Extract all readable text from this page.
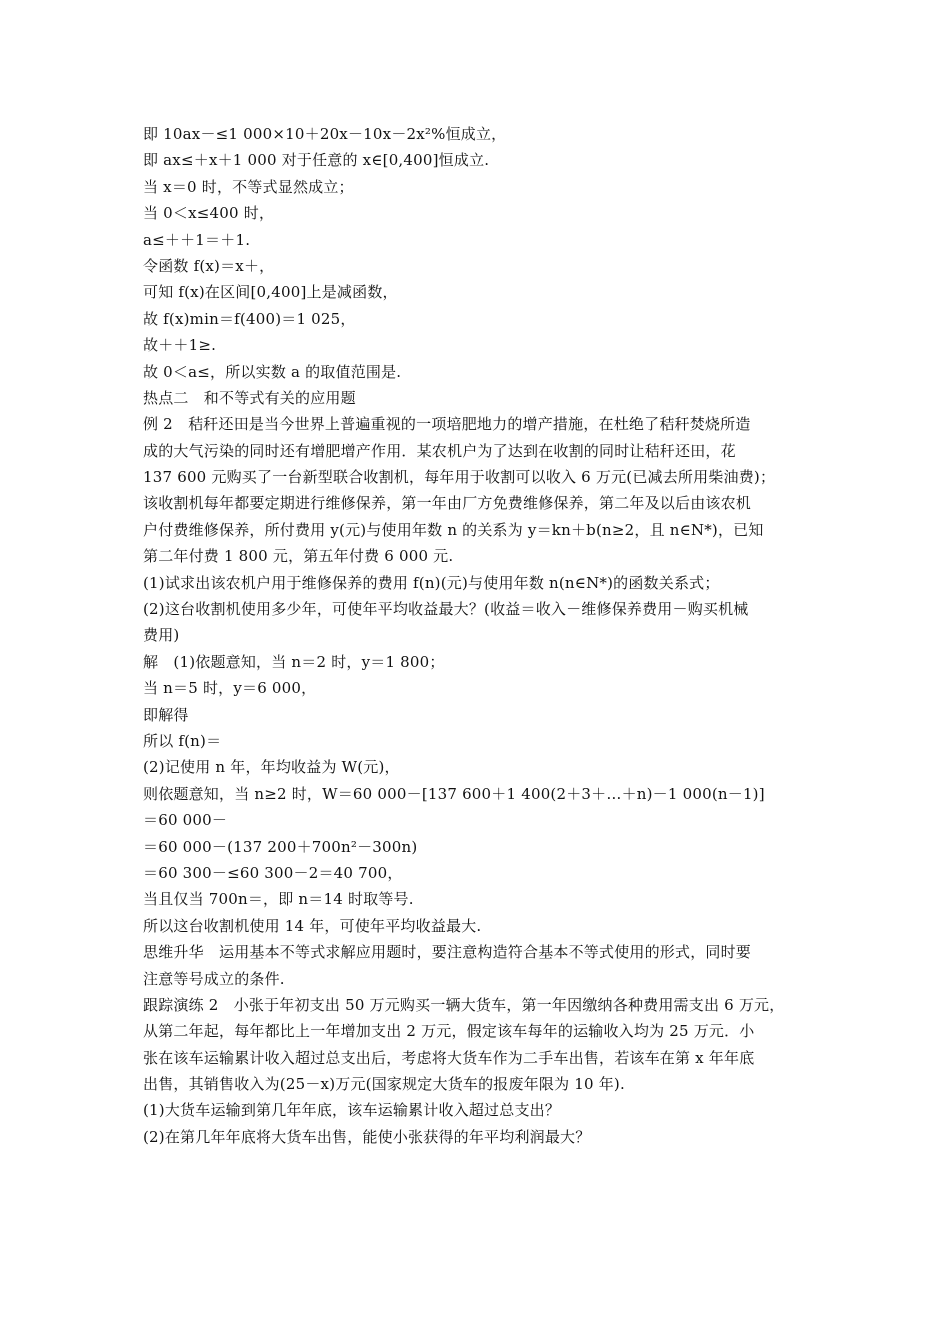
即 10ax－≤1 000×10＋20x－10x－2x²%恒成立，
即 ax≤＋x＋1 000 对于任意的 x∈[0,400]恒成立.
当 x＝0 时，不等式显然成立；
当 0＜x≤400 时，
a≤＋＋1＝＋1.
令函数 f(x)＝x＋，
可知 f(x)在区间[0,400]上是减函数，
故 f(x)min＝f(400)＝1 025，
故＋＋1≥.
故 0＜a≤，所以实数 a 的取值范围是.
热点二　和不等式有关的应用题
例 2　秸秆还田是当今世界上普遍重视的一项培肥地力的增产措施，在杜绝了秸秆焚烧所造
成的大气污染的同时还有增肥增产作用．某农机户为了达到在收割的同时让秸秆还田，花
137 600 元购买了一台新型联合收割机，每年用于收割可以收入 6 万元(已减去所用柴油费)；
该收割机每年都要定期进行维修保养，第一年由厂方免费维修保养，第二年及以后由该农机
户付费维修保养，所付费用 y(元)与使用年数 n 的关系为 y＝kn＋b(n≥2，且 n∈N*)，已知
第二年付费 1 800 元，第五年付费 6 000 元.
(1)试求出该农机户用于维修保养的费用 f(n)(元)与使用年数 n(n∈N*)的函数关系式；
(2)这台收割机使用多少年，可使年平均收益最大？(收益＝收入－维修保养费用－购买机械
费用)
解　(1)依题意知，当 n＝2 时，y＝1 800；
当 n＝5 时，y＝6 000，
即解得
所以 f(n)＝
(2)记使用 n 年，年均收益为 W(元)，
则依题意知，当 n≥2 时，W＝60 000－[137 600＋1 400(2＋3＋…＋n)－1 000(n－1)]
＝60 000－
＝60 000－(137 200＋700n²－300n)
＝60 300－≤60 300－2＝40 700，
当且仅当 700n＝，即 n＝14 时取等号.
所以这台收割机使用 14 年，可使年平均收益最大.
思维升华　运用基本不等式求解应用题时，要注意构造符合基本不等式使用的形式，同时要
注意等号成立的条件.
跟踪演练 2　小张于年初支出 50 万元购买一辆大货车，第一年因缴纳各种费用需支出 6 万元，
从第二年起，每年都比上一年增加支出 2 万元，假定该车每年的运输收入均为 25 万元．小
张在该车运输累计收入超过总支出后，考虑将大货车作为二手车出售，若该车在第 x 年年底
出售，其销售收入为(25－x)万元(国家规定大货车的报废年限为 10 年).
(1)大货车运输到第几年年底，该车运输累计收入超过总支出？
(2)在第几年年底将大货车出售，能使小张获得的年平均利润最大？
